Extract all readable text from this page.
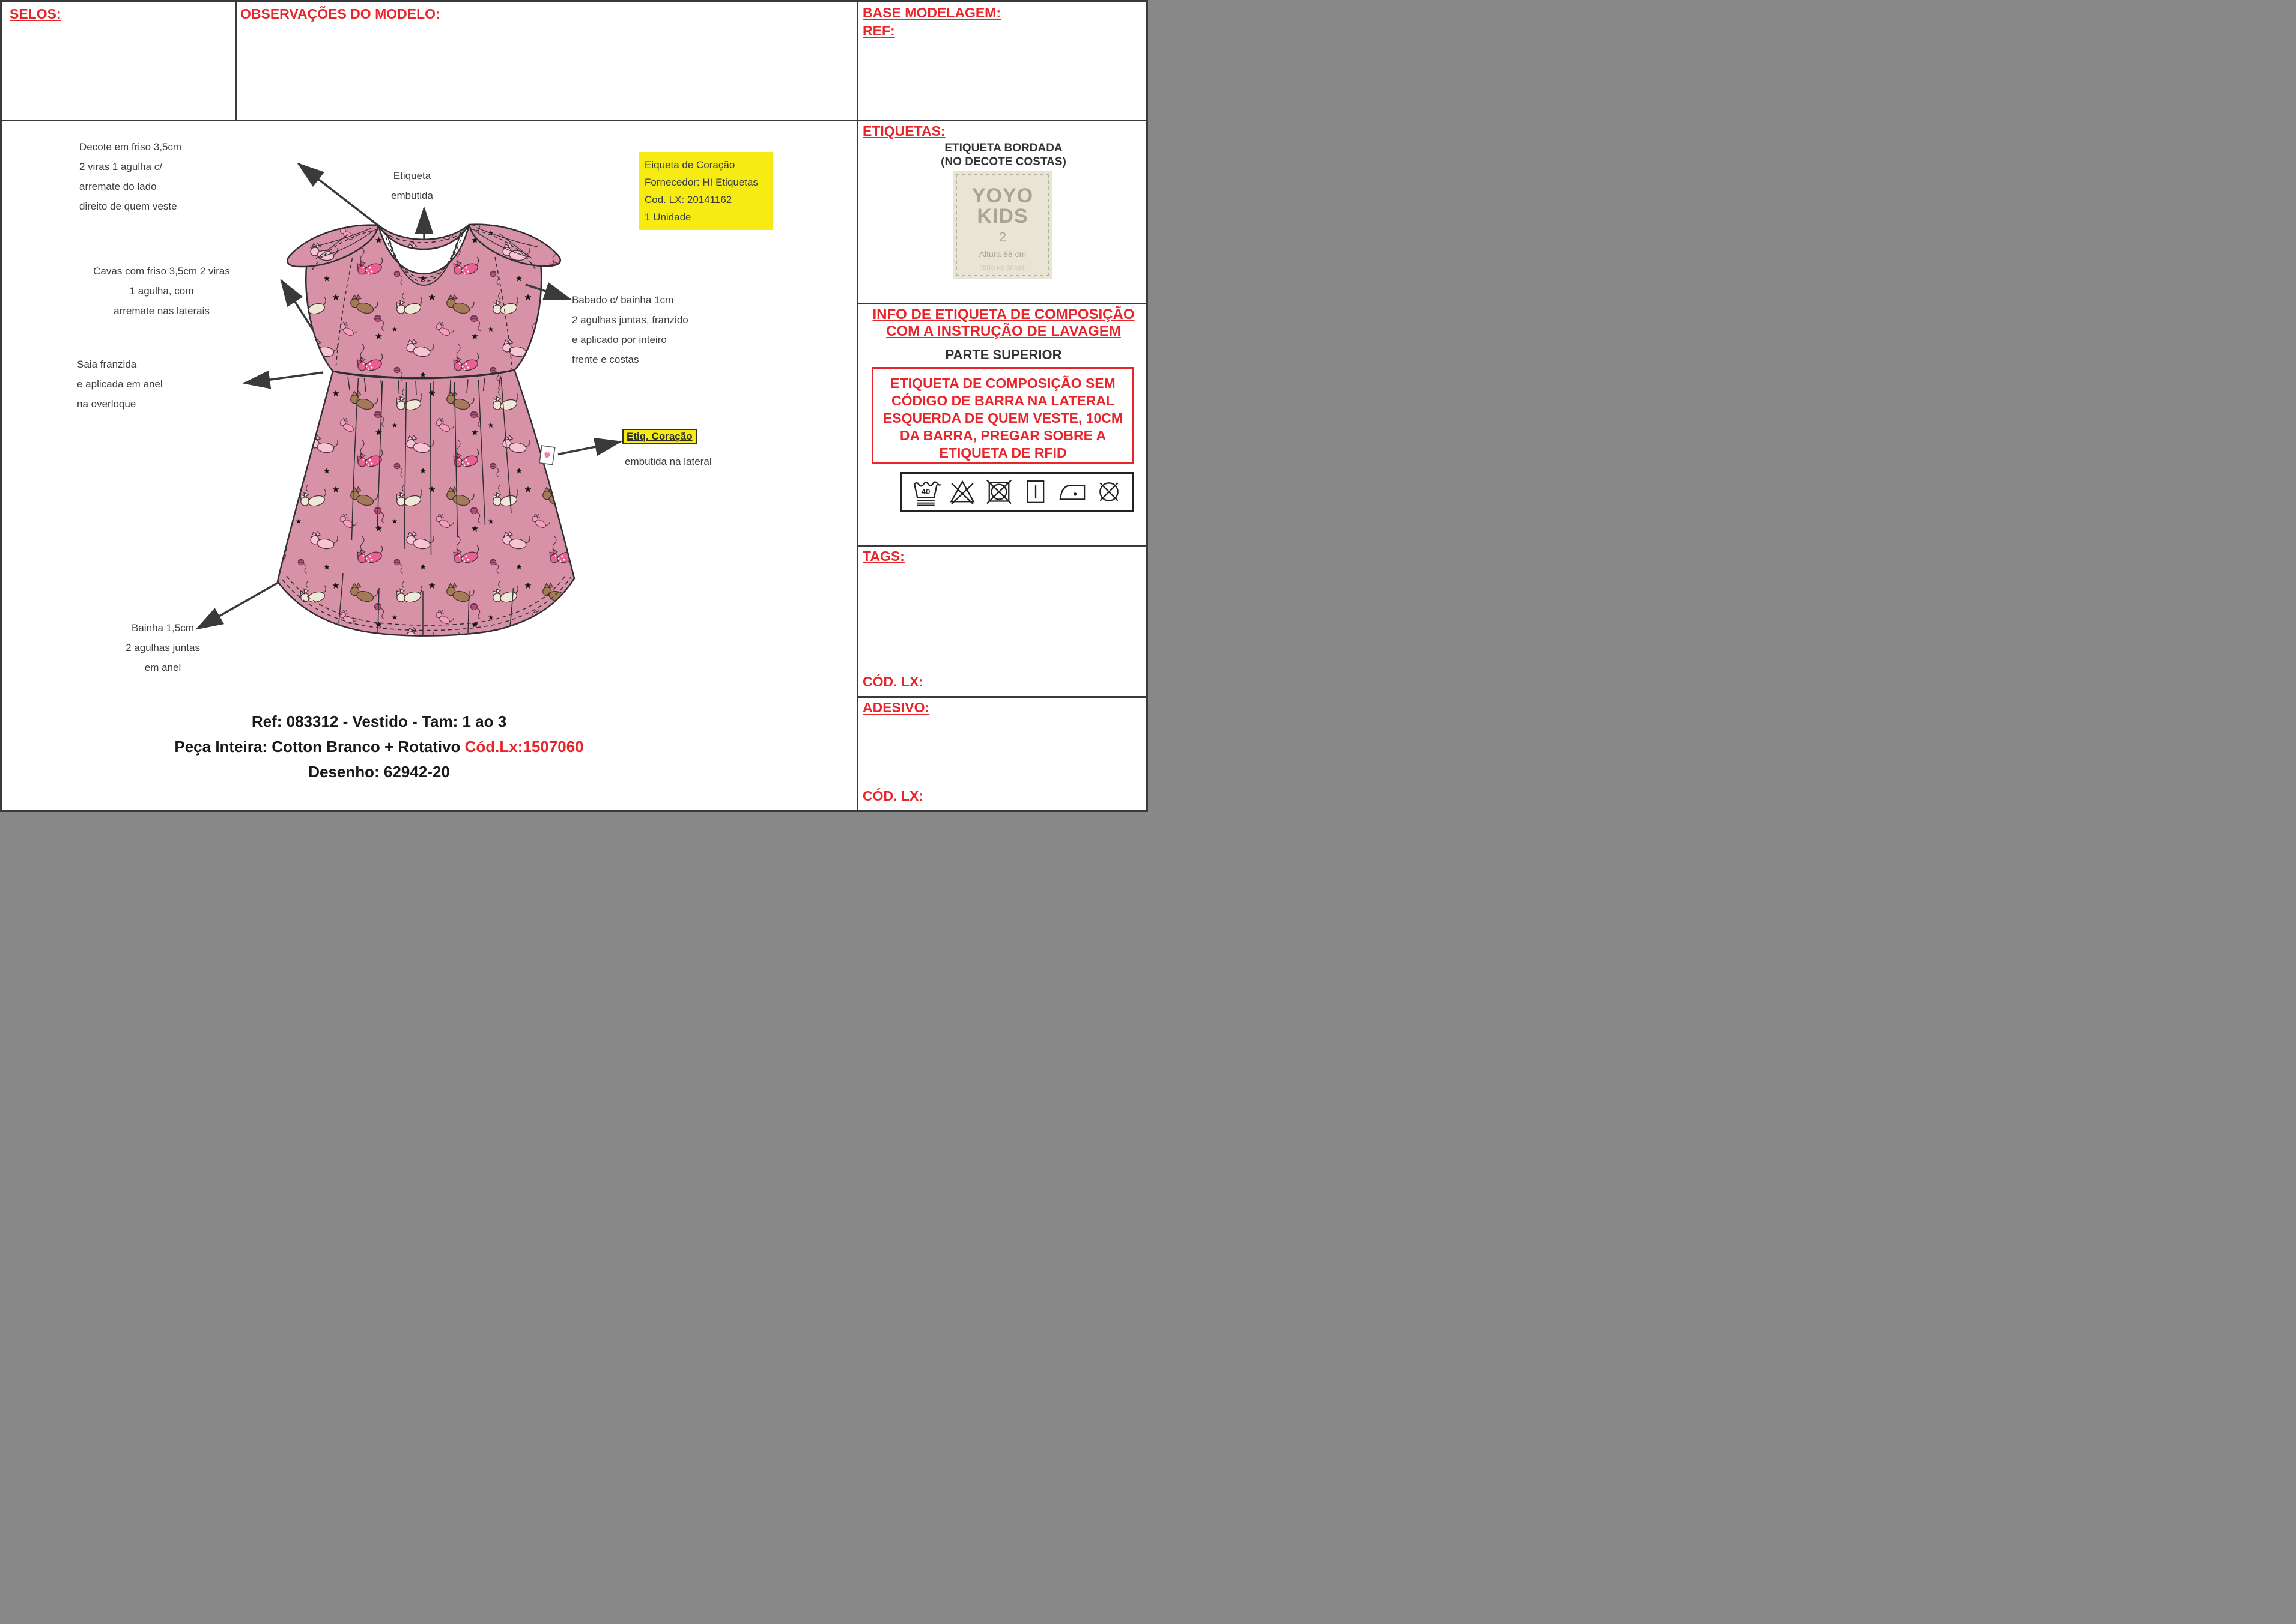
SELOS:	OBSERVAÇÕES DO MODELO:	BASE MODELAGEM:
REF:
ETIQUETAS:
ETIQUETA BORDADA
(NO DECOTE COSTAS)
YOYO
KIDS
2
Altura 88 cm
FEITO NO BRASIL
INFO DE ETIQUETA DE COMPOSIÇÃO
COM A INSTRUÇÃO DE LAVAGEM
PARTE SUPERIOR
ETIQUETA DE COMPOSIÇÃO SEM
CÓDIGO DE BARRA NA LATERAL
ESQUERDA DE QUEM VESTE, 10CM
DA BARRA, PREGAR SOBRE A
ETIQUETA DE RFID
40
TAGS:
CÓD. LX:
ADESIVO:
CÓD. LX:
Decote em friso 3,5cm
2 viras 1 agulha c/
arremate do lado
direito de quem veste
Etiqueta
embutida
Cavas com friso 3,5cm 2 viras
1 agulha, com
arremate nas laterais
Saia franzida
e aplicada em anel
na overloque
Babado c/ bainha 1cm
2 agulhas juntas, franzido
e aplicado por inteiro
frente e costas
Etiq. Coração
embutida na lateral
Bainha 1,5cm
2 agulhas juntas
em anel
Eiqueta de Coração
Fornecedor: HI Etiquetas
Cod. LX: 20141162
1 Unidade
Ref: 083312 - Vestido - Tam: 1 ao 3
Peça Inteira: Cotton Branco + Rotativo Cód.Lx:1507060
Desenho: 62942-20
